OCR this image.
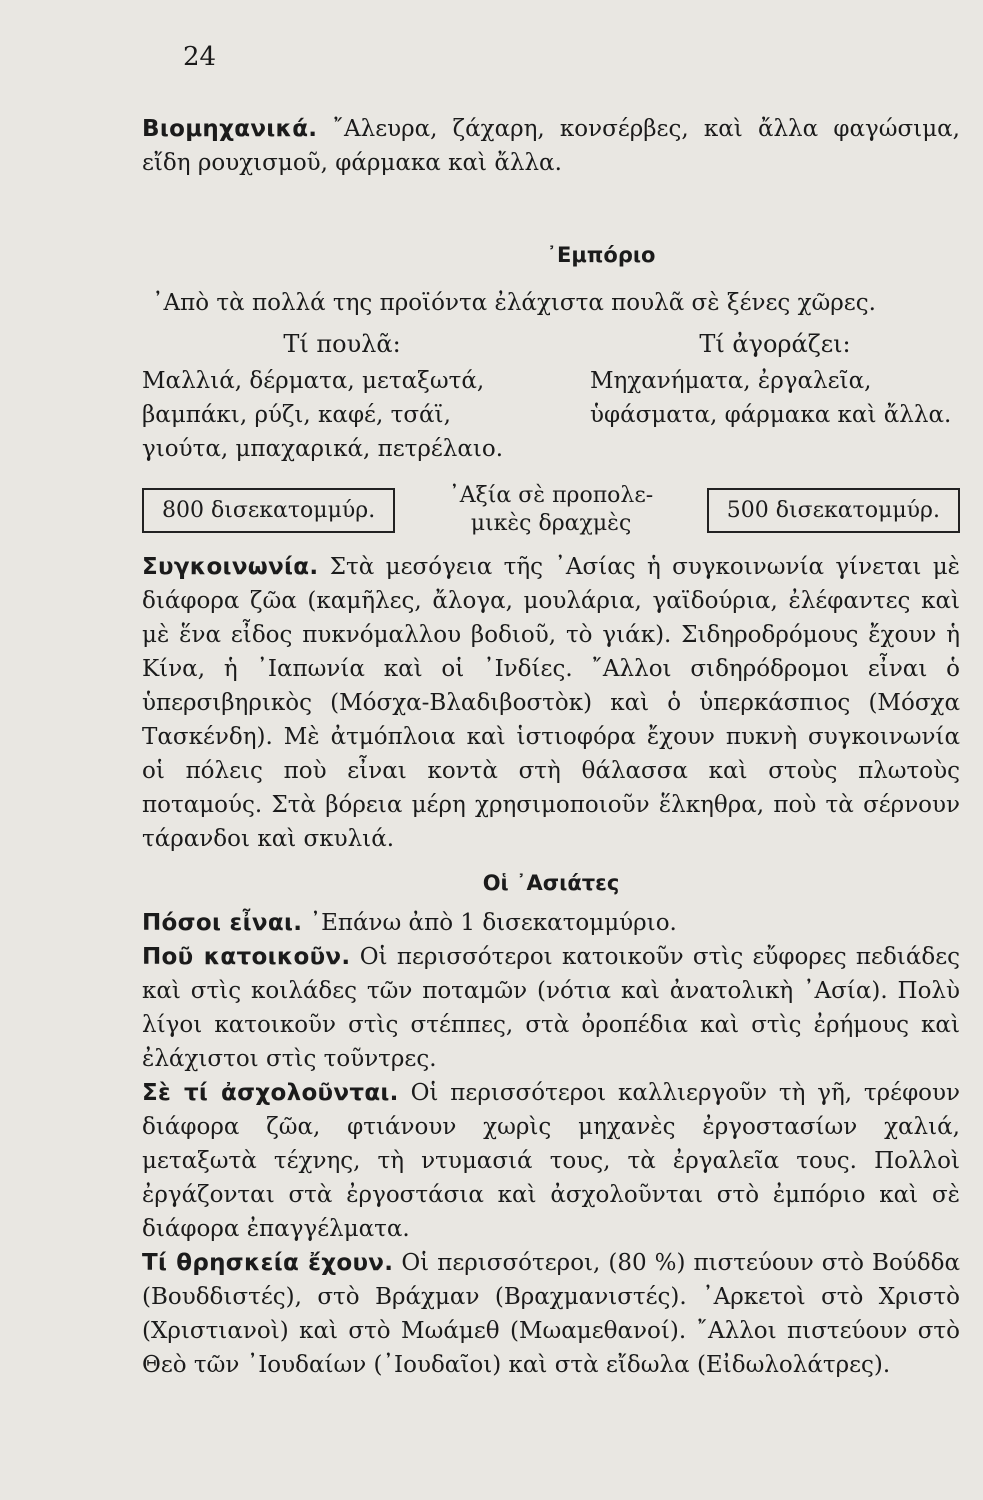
24

Βιομηχανικά. ῎Αλευρα, ζάχαρη, κονσέρβες, καὶ ἄλλα φαγώσιμα, εἴδη ρουχισμοῦ, φάρμακα καὶ ἄλλα.

᾿Εμπόριο

᾿Απὸ τὰ πολλά της προϊόντα ἐλάχιστα πουλᾶ σὲ ξένες χῶρες.

Τί πουλᾶ:
Μαλλιά, δέρματα, μεταξωτά, βαμπάκι, ρύζι, καφέ, τσάϊ, γιούτα, μπαχαρικά, πετρέλαιο.
Τί ἀγοράζει:
Μηχανήματα, ἐργαλεῖα, ὑφάσματα, φάρμακα καὶ ἄλλα.
800 δισεκατομμύρ.
᾿Αξία σὲ προπολε-
μικὲς δραχμὲς
500 δισεκατομμύρ.

Συγκοινωνία. Στὰ μεσόγεια τῆς ᾿Ασίας ἡ συγκοινωνία γίνεται μὲ διάφορα ζῶα (καμῆλες, ἄλογα, μουλάρια, γαϊδούρια, ἐλέφαντες καὶ μὲ ἕνα εἶδος πυκνόμαλλου βοδιοῦ, τὸ γιάκ). Σιδηροδρόμους ἔχουν ἡ Κίνα, ἡ ᾿Ιαπωνία καὶ οἱ ᾿Ινδίες. ῎Αλλοι σιδηρόδρομοι εἶναι ὁ ὑπερσιβηρικὸς (Μόσχα-Βλαδιβοστὸκ) καὶ ὁ ὑπερκάσπιος (Μόσχα Τασκένδη). Μὲ ἀτμόπλοια καὶ ἱστιοφόρα ἔχουν πυκνὴ συγκοινωνία οἱ πόλεις ποὺ εἶναι κοντὰ στὴ θάλασσα καὶ στοὺς πλωτοὺς ποταμούς. Στὰ βόρεια μέρη χρησιμοποιοῦν ἕλκηθρα, ποὺ τὰ σέρνουν τάρανδοι καὶ σκυλιά.

Οἱ ᾿Ασιάτες

Πόσοι εἶναι. ᾿Επάνω ἀπὸ 1 δισεκατομμύριο.

Ποῦ κατοικοῦν. Οἱ περισσότεροι κατοικοῦν στὶς εὔφορες πεδιάδες καὶ στὶς κοιλάδες τῶν ποταμῶν (νότια καὶ ἀνατολικὴ ᾿Ασία). Πολὺ λίγοι κατοικοῦν στὶς στέππες, στὰ ὀροπέδια καὶ στὶς ἐρήμους καὶ ἐλάχιστοι στὶς τοῦντρες.

Σὲ τί ἀσχολοῦνται. Οἱ περισσότεροι καλλιεργοῦν τὴ γῆ, τρέφουν διάφορα ζῶα, φτιάνουν χωρὶς μηχανὲς ἐργοστασίων χαλιά, μεταξωτὰ τέχνης, τὴ ντυμασιά τους, τὰ ἐργαλεῖα τους. Πολλοὶ ἐργάζονται στὰ ἐργοστάσια καὶ ἀσχολοῦνται στὸ ἐμπόριο καὶ σὲ διάφορα ἐπαγγέλματα.

Τί θρησκεία ἔχουν. Οἱ περισσότεροι, (80 %) πιστεύουν στὸ Βούδδα (Βουδδιστές), στὸ Βράχμαν (Βραχμανιστές). ᾿Αρκετοὶ στὸ Χριστὸ (Χριστιανοὶ) καὶ στὸ Μωάμεθ (Μωαμεθανοί). ῎Αλλοι πιστεύουν στὸ Θεὸ τῶν ᾿Ιουδαίων (᾿Ιουδαῖοι) καὶ στὰ εἴδωλα (Εἰδωλολάτρες).
